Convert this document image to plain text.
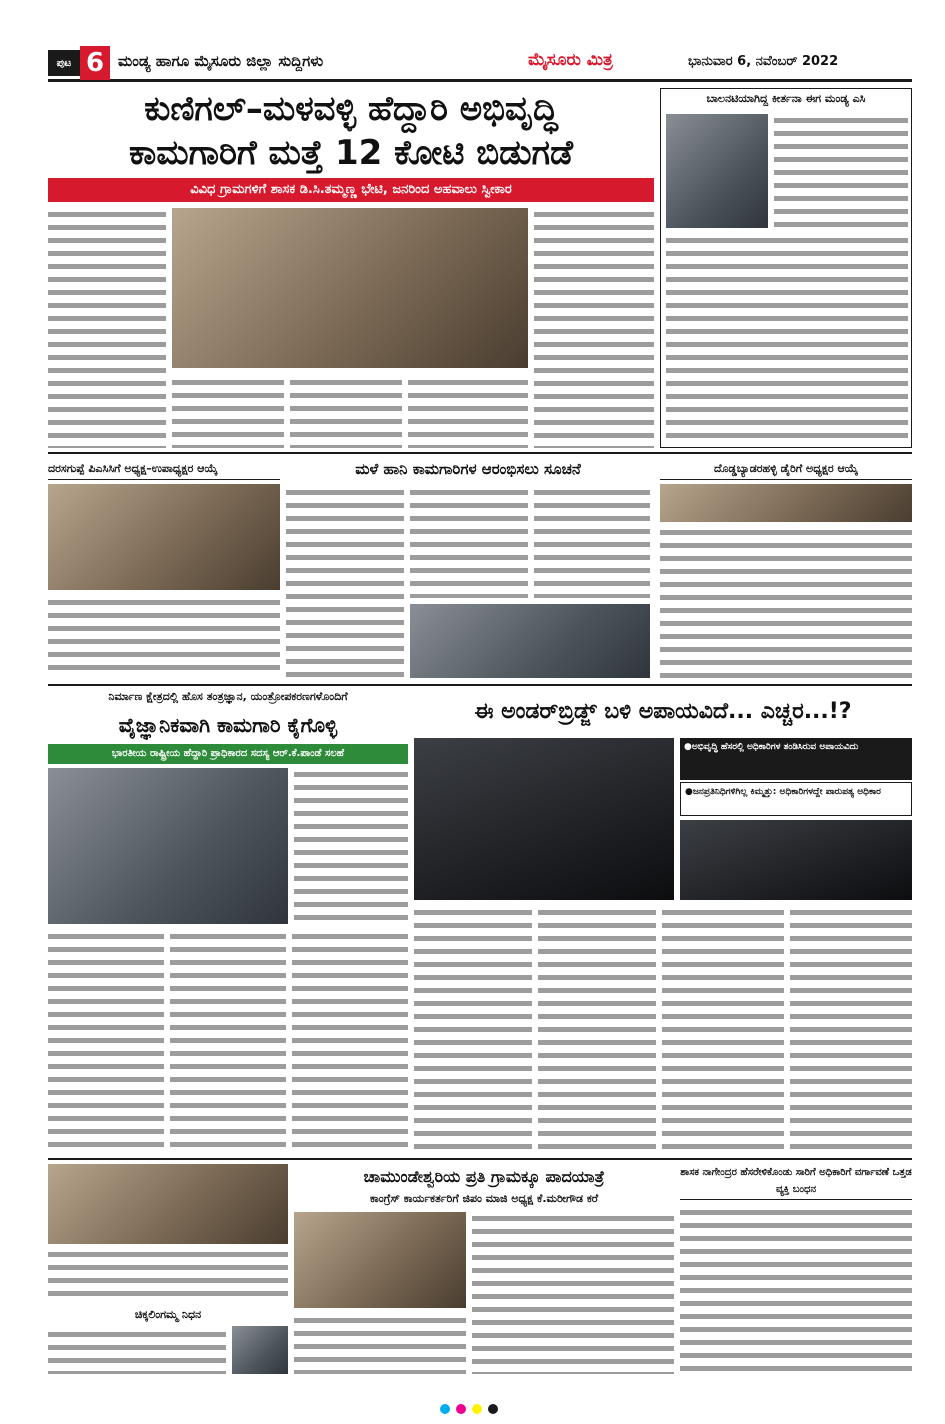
ಪುಟ 6 ಮಂಡ್ಯ ಹಾಗೂ ಮೈಸೂರು ಜಿಲ್ಲಾ ಸುದ್ದಿಗಳು	ಮೈಸೂರು ಮಿತ್ರ	ಭಾನುವಾರ 6, ನವೆಂಬರ್ 2022
ಕುಣಿಗಲ್–ಮಳವಳ್ಳಿ ಹೆದ್ದಾರಿ ಅಭಿವೃದ್ಧಿ
ಕಾಮಗಾರಿಗೆ ಮತ್ತೆ 12 ಕೋಟಿ ಬಿಡುಗಡೆ
ವಿವಿಧ ಗ್ರಾಮಗಳಿಗೆ ಶಾಸಕ ಡಿ.ಸಿ.ತಮ್ಮಣ್ಣ ಭೇಟಿ, ಜನರಿಂದ ಅಹವಾಲು ಸ್ವೀಕಾರ
ಬಾಲನಟಿಯಾಗಿದ್ದ ಕೀರ್ತನಾ ಈಗ ಮಂಡ್ಯ ಎಸಿ
ದರಸಗುಪ್ಪೆ ಪಿಎಸಿಸಿಗೆ ಅಧ್ಯಕ್ಷ–ಉಪಾಧ್ಯಕ್ಷರ ಆಯ್ಕೆ	ಮಳೆ ಹಾನಿ ಕಾಮಗಾರಿಗಳ ಆರಂಭಿಸಲು ಸೂಚನೆ	ದೊಡ್ಡಬ್ಯಾಡರಹಳ್ಳಿ ಡೈರಿಗೆ ಅಧ್ಯಕ್ಷರ ಆಯ್ಕೆ
ನಿರ್ಮಾಣ ಕ್ಷೇತ್ರದಲ್ಲಿ ಹೊಸ ತಂತ್ರಜ್ಞಾನ, ಯಂತ್ರೋಪಕರಣಗಳೊಂದಿಗೆ
ವೈಜ್ಞಾನಿಕವಾಗಿ ಕಾಮಗಾರಿ ಕೈಗೊಳ್ಳಿ
ಭಾರತೀಯ ರಾಷ್ಟ್ರೀಯ ಹೆದ್ದಾರಿ ಪ್ರಾಧಿಕಾರದ ಸದಸ್ಯ ಆರ್.ಕೆ.ಪಾಂಡೆ ಸಲಹೆ
ಈ ಅಂಡರ್‌ಬ್ರಿಡ್ಜ್ ಬಳಿ ಅಪಾಯವಿದೆ... ಎಚ್ಚರ...!?
●ಅಭಿವೃದ್ಧಿ ಹೆಸರಲ್ಲಿ ಅಧಿಕಾರಿಗಳ ತಂಡಿಸಿರುವ ಅಪಾಯವಿದು
●ಜನಪ್ರತಿನಿಧಿಗಳಿಗಿಲ್ಲ ಕಿಮ್ಮತ್ತು: ಅಧಿಕಾರಿಗಳದ್ದೇ ಪಾರುಪತ್ಯ ಅಧಿಕಾರ
ಚಿಕ್ಕಲಿಂಗಮ್ಮ ನಿಧನ
ಚಾಮುಂಡೇಶ್ವರಿಯ ಪ್ರತಿ ಗ್ರಾಮಕ್ಕೂ ಪಾದಯಾತ್ರೆ
ಕಾಂಗ್ರೆಸ್ ಕಾರ್ಯಕರ್ತರಿಗೆ ಜಿಪಂ ಮಾಜಿ ಅಧ್ಯಕ್ಷ ಕೆ.ಮರೀಗೌಡ ಕರೆ
ಶಾಸಕ ನಾಗೇಂದ್ರರ ಹೆಸರೇಳಿಕೊಂಡು ಸಾರಿಗೆ ಅಧಿಕಾರಿಗೆ ವರ್ಗಾವಣೆ ಒತ್ತಡ ವ್ಯಕ್ತಿ ಬಂಧನ
